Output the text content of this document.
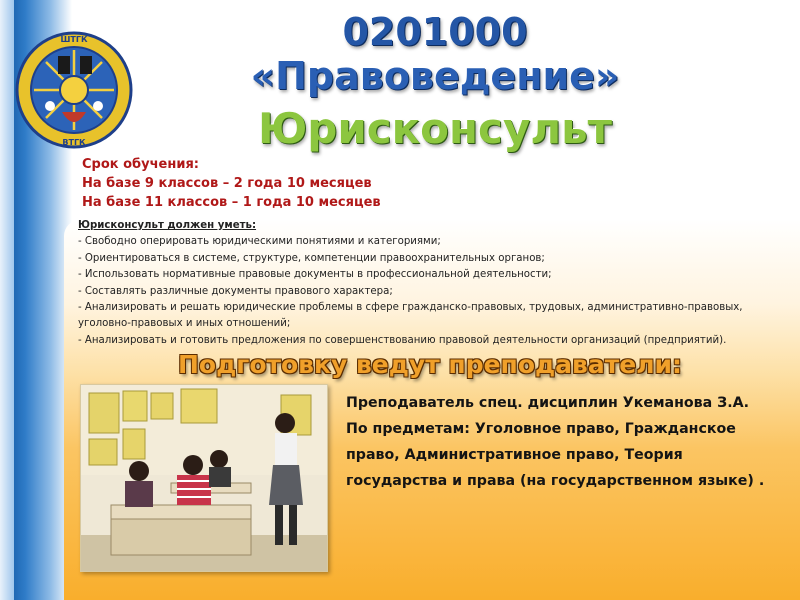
ШТГК
ВТГК
0201000
«Правоведение»
Юрисконсульт
Срок обучения:
На базе 9 классов – 2 года 10 месяцев
На базе 11 классов – 1 года 10 месяцев
Юрисконсульт должен уметь:
- Свободно оперировать юридическими понятиями и категориями;
- Ориентироваться в системе, структуре, компетенции правоохранительных органов;
- Использовать нормативные правовые документы в профессиональной деятельности;
- Составлять различные документы правового характера;
- Анализировать и решать юридические проблемы в сфере гражданско-правовых, трудовых, административно-правовых, уголовно-правовых и иных отношений;
- Анализировать и готовить предложения по совершенствованию правовой деятельности организаций (предприятий).
Подготовку ведут преподаватели:
Преподаватель спец. дисциплин Укеманова З.А.
По предметам: Уголовное право, Гражданское право, Административное право, Теория государства и права (на государственном языке) .
